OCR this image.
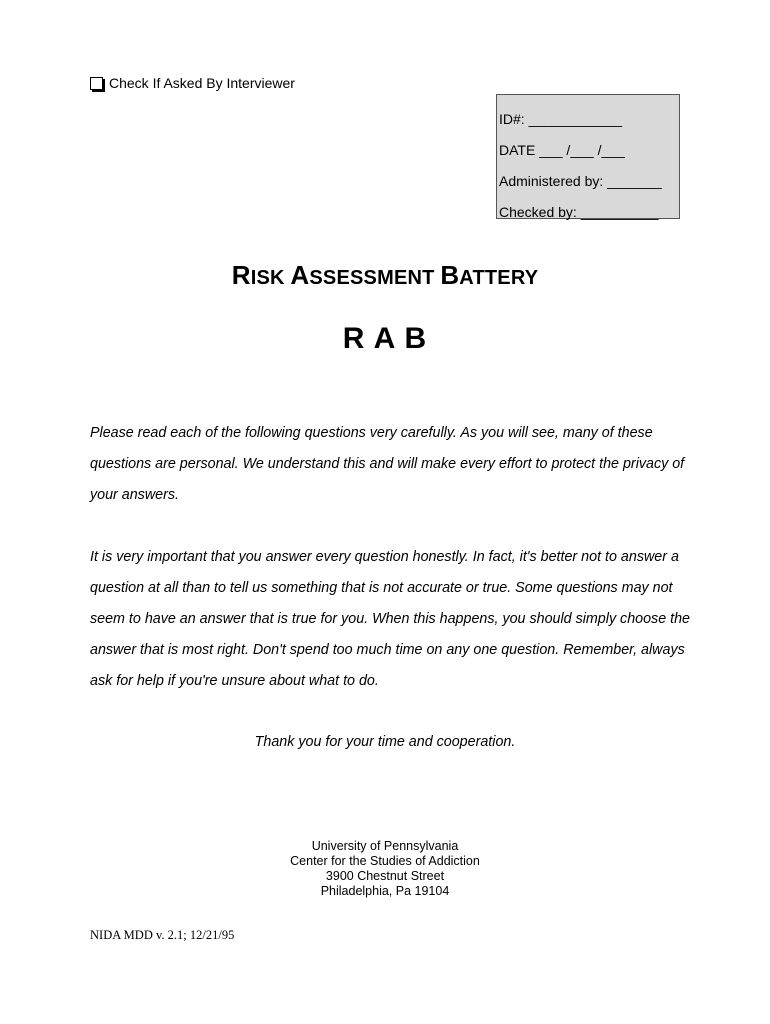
Check If Asked By Interviewer
ID#: ____________
DATE ___ /___ /___
Administered by: _______
Checked by: __________
RISK ASSESSMENT BATTERY
R A B

Please read each of the following questions very carefully. As you will see, many of these questions are personal. We understand this and will make every effort to protect the privacy of your answers.

It is very important that you answer every question honestly. In fact, it's better not to answer a question at all than to tell us something that is not accurate or true. Some questions may not seem to have an answer that is true for you. When this happens, you should simply choose the answer that is most right. Don't spend too much time on any one question. Remember, always ask for help if you're unsure about what to do.

Thank you for your time and cooperation.
University of Pennsylvania
Center for the Studies of Addiction
3900 Chestnut Street
Philadelphia, Pa 19104
NIDA MDD v. 2.1; 12/21/95
